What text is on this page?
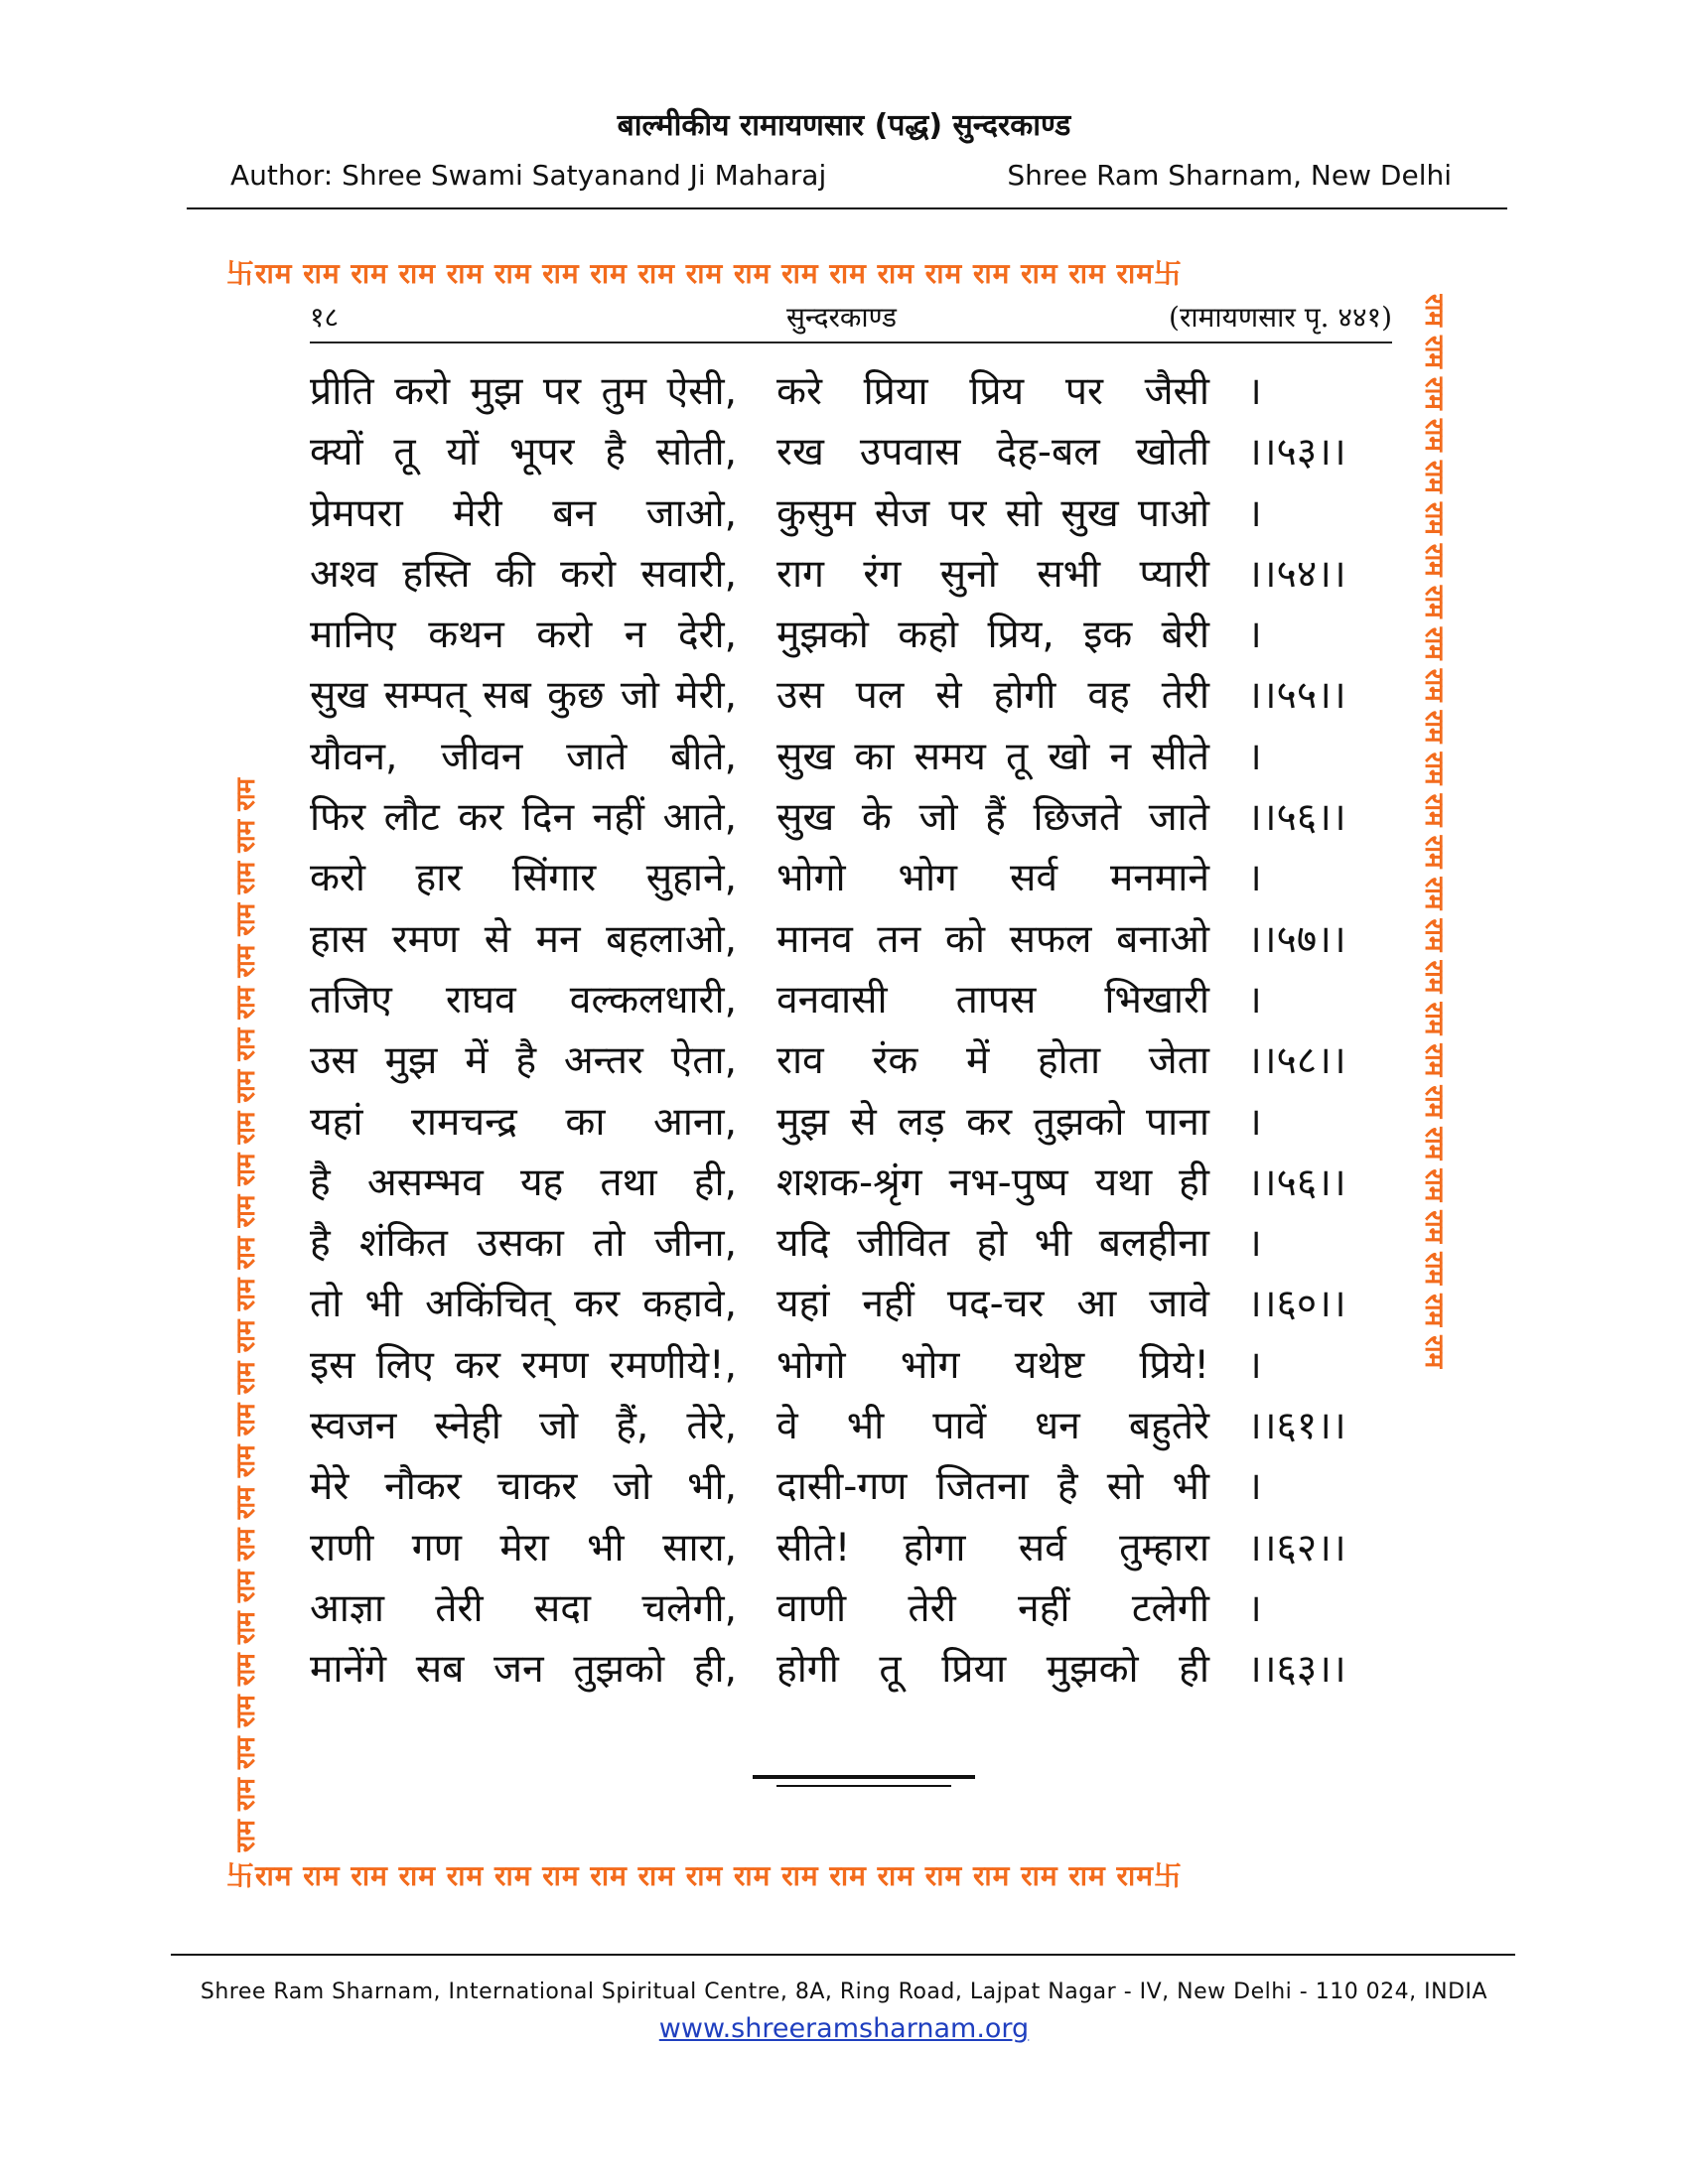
बाल्मीकीय रामायणसार (पद्ध) सुन्दरकाण्ड
Author: Shree Swami Satyanand Ji Maharaj	Shree Ram Sharnam, New Delhi
卐राम राम राम राम राम राम राम राम राम राम राम राम राम राम राम राम राम राम राम卐
卐राम राम राम राम राम राम राम राम राम राम राम राम राम राम राम राम राम राम राम卐
राम राम राम राम राम राम राम राम राम राम राम राम राम राम राम राम राम राम राम राम राम राम राम राम राम राम	राम राम राम राम राम राम राम राम राम राम राम राम राम राम राम राम राम राम राम राम राम राम राम राम राम राम
१८	सुन्दरकाण्ड	(रामायणसार पृ. ४४१)
प्रीति करो मुझ पर तुम ऐसी, करे प्रिया प्रिय पर जैसी ।
क्यों तू यों भूपर है सोती, रख उपवास देह-बल खोती ।।५३।।
प्रेमपरा मेरी बन जाओ, कुसुम सेज पर सो सुख पाओ ।
अश्व हस्ति की करो सवारी, राग रंग सुनो सभी प्यारी ।।५४।।
मानिए कथन करो न देरी, मुझको कहो प्रिय, इक बेरी ।
सुख सम्पत् सब कुछ जो मेरी, उस पल से होगी वह तेरी ।।५५।।
यौवन, जीवन जाते बीते, सुख का समय तू खो न सीते ।
फिर लौट कर दिन नहीं आते, सुख के जो हैं छिजते जाते ।।५६।।
करो हार सिंगार सुहाने, भोगो भोग सर्व मनमाने ।
हास रमण से मन बहलाओ, मानव तन को सफल बनाओ ।।५७।।
तजिए राघव वल्कलधारी, वनवासी तापस भिखारी ।
उस मुझ में है अन्तर ऐता, राव रंक में होता जेता ।।५८।।
यहां रामचन्द्र का आना, मुझ से लड़ कर तुझको पाना ।
है असम्भव यह तथा ही, शशक-श्रृंग नभ-पुष्प यथा ही ।।५६।।
है शंकित उसका तो जीना, यदि जीवित हो भी बलहीना ।
तो भी अकिंचित् कर कहावे, यहां नहीं पद-चर आ जावे ।।६०।।
इस लिए कर रमण रमणीये!, भोगो भोग यथेष्ट प्रिये! ।
स्वजन स्नेही जो हैं, तेरे, वे भी पावें धन बहुतेरे ।।६१।।
मेरे नौकर चाकर जो भी, दासी-गण जितना है सो भी ।
राणी गण मेरा भी सारा, सीते! होगा सर्व तुम्हारा ।।६२।।
आज्ञा तेरी सदा चलेगी, वाणी तेरी नहीं टलेगी ।
मानेंगे सब जन तुझको ही, होगी तू प्रिया मुझको ही ।।६३।।
Shree Ram Sharnam, International Spiritual Centre, 8A, Ring Road, Lajpat Nagar - IV, New Delhi - 110 024, INDIA
www.shreeramsharnam.org
